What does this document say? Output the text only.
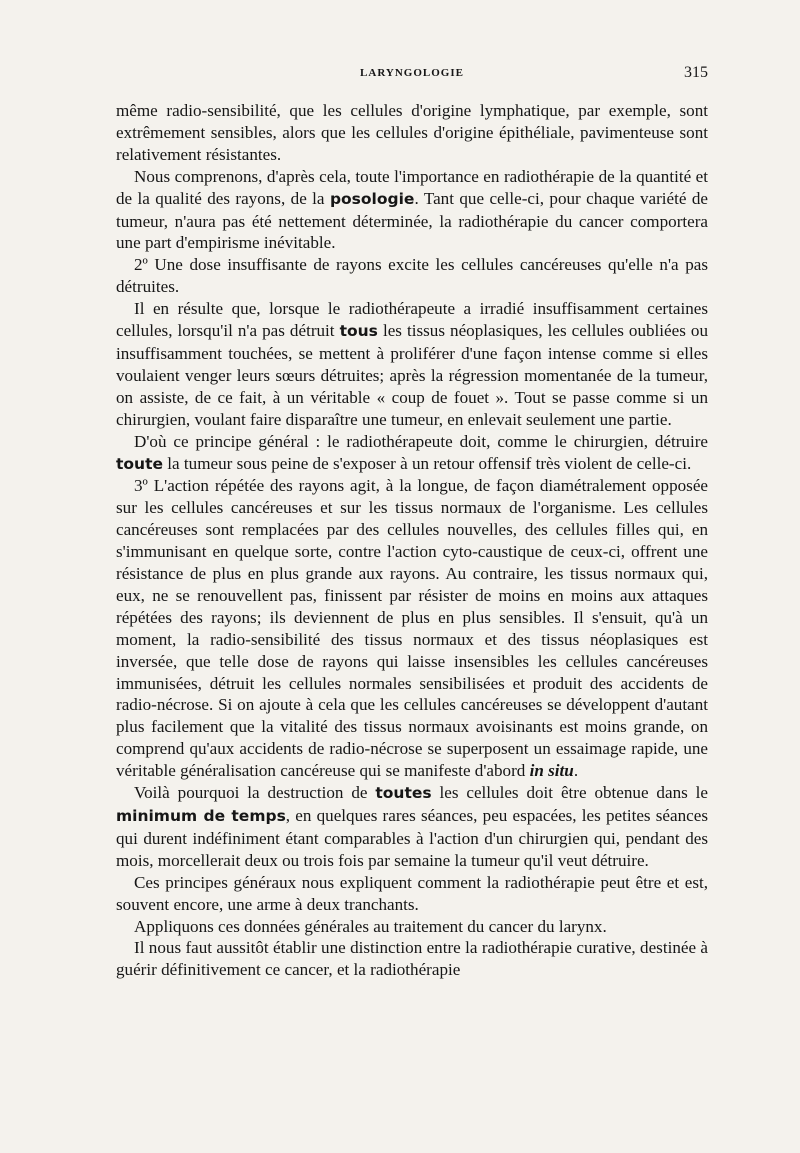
LARYNGOLOGIE	315

même radio-sensibilité, que les cellules d'origine lymphatique, par exemple, sont extrêmement sensibles, alors que les cellules d'origine épithéliale, pavimenteuse sont relativement résistantes.

Nous comprenons, d'après cela, toute l'importance en radiothérapie de la quantité et de la qualité des rayons, de la posologie. Tant que celle-ci, pour chaque variété de tumeur, n'aura pas été nettement déterminée, la radiothérapie du cancer comportera une part d'empirisme inévitable.

2º Une dose insuffisante de rayons excite les cellules cancéreuses qu'elle n'a pas détruites.

Il en résulte que, lorsque le radiothérapeute a irradié insuffisamment certaines cellules, lorsqu'il n'a pas détruit tous les tissus néoplasiques, les cellules oubliées ou insuffisamment touchées, se mettent à proliférer d'une façon intense comme si elles voulaient venger leurs sœurs détruites; après la régression momentanée de la tumeur, on assiste, de ce fait, à un véritable « coup de fouet ». Tout se passe comme si un chirurgien, voulant faire disparaître une tumeur, en enlevait seulement une partie.

D'où ce principe général : le radiothérapeute doit, comme le chirurgien, détruire toute la tumeur sous peine de s'exposer à un retour offensif très violent de celle-ci.

3º L'action répétée des rayons agit, à la longue, de façon diamétralement opposée sur les cellules cancéreuses et sur les tissus normaux de l'organisme. Les cellules cancéreuses sont remplacées par des cellules nouvelles, des cellules filles qui, en s'immunisant en quelque sorte, contre l'action cyto-caustique de ceux-ci, offrent une résistance de plus en plus grande aux rayons. Au contraire, les tissus normaux qui, eux, ne se renouvellent pas, finissent par résister de moins en moins aux attaques répétées des rayons; ils deviennent de plus en plus sensibles. Il s'ensuit, qu'à un moment, la radio-sensibilité des tissus normaux et des tissus néoplasiques est inversée, que telle dose de rayons qui laisse insensibles les cellules cancéreuses immunisées, détruit les cellules normales sensibilisées et produit des accidents de radio-nécrose. Si on ajoute à cela que les cellules cancéreuses se développent d'autant plus facilement que la vitalité des tissus normaux avoisinants est moins grande, on comprend qu'aux accidents de radio-nécrose se superposent un essaimage rapide, une véritable généralisation cancéreuse qui se manifeste d'abord in situ.

Voilà pourquoi la destruction de toutes les cellules doit être obtenue dans le minimum de temps, en quelques rares séances, peu espacées, les petites séances qui durent indéfiniment étant comparables à l'action d'un chirurgien qui, pendant des mois, morcellerait deux ou trois fois par semaine la tumeur qu'il veut détruire.

Ces principes généraux nous expliquent comment la radiothérapie peut être et est, souvent encore, une arme à deux tranchants.

Appliquons ces données générales au traitement du cancer du larynx.

Il nous faut aussitôt établir une distinction entre la radiothérapie curative, destinée à guérir définitivement ce cancer, et la radiothérapie
